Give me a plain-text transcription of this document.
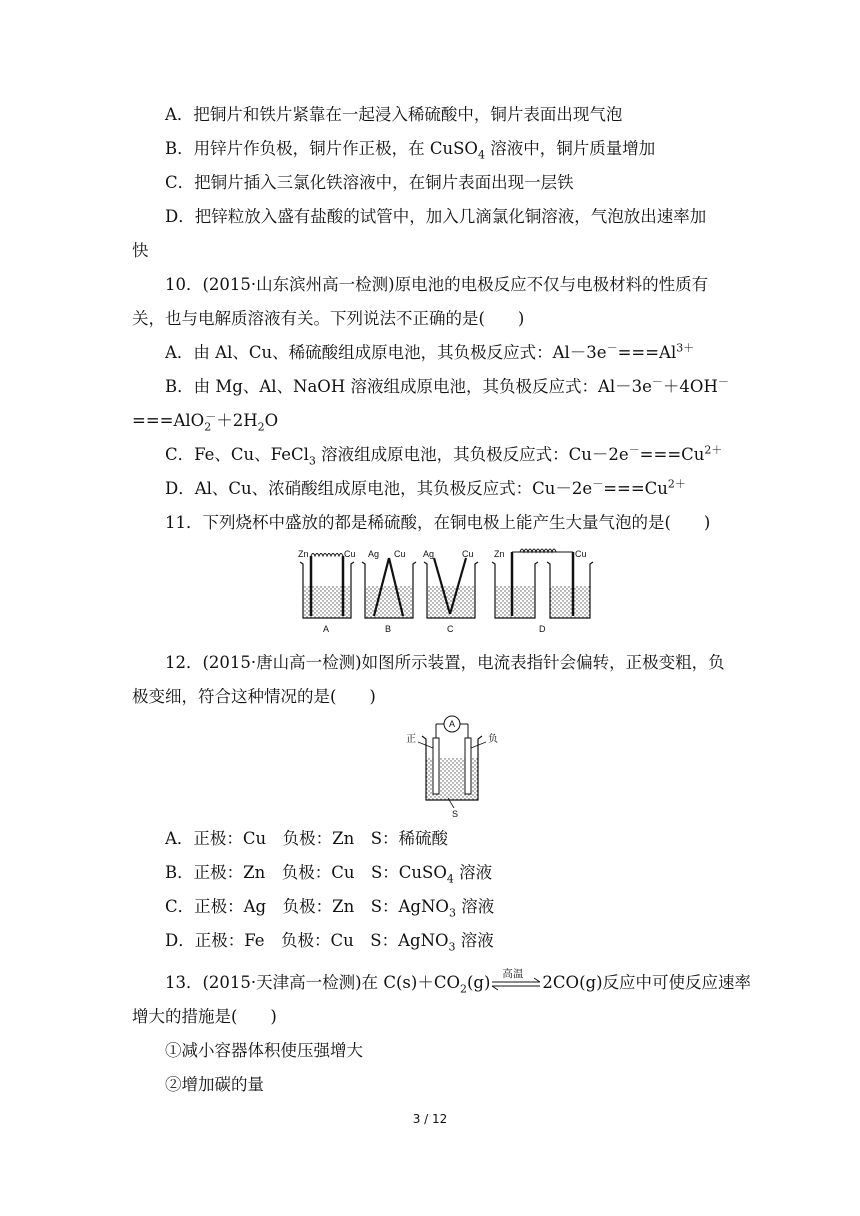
A．把铜片和铁片紧靠在一起浸入稀硫酸中，铜片表面出现气泡
B．用锌片作负极，铜片作正极，在 CuSO$_4$ 溶液中，铜片质量增加
C．把铜片插入三氯化铁溶液中，在铜片表面出现一层铁
D．把锌粒放入盛有盐酸的试管中，加入几滴氯化铜溶液，气泡放出速率加
快
10．(2015·山东滨州高一检测)原电池的电极反应不仅与电极材料的性质有
关，也与电解质溶液有关。下列说法不正确的是(　　)
A．由 Al、Cu、稀硫酸组成原电池，其负极反应式：$Al-3e^-===Al^{3+}$
B．由 Mg、Al、NaOH 溶液组成原电池，其负极反应式：Al－3e－＋4OH－
$===AlO_2^-+2H_2O$
C．Fe、Cu、FeCl$_3$ 溶液组成原电池，其负极反应式：$Cu-2e^-===Cu^{2+}$
D．Al、Cu、浓硝酸组成原电池，其负极反应式：$Cu-2e^-===Cu^{2+}$
11．下列烧杯中盛放的都是稀硫酸，在铜电极上能产生大量气泡的是(　　)
Zn	Cu
A
Ag Cu
B
Ag	Cu
C
Zn	Cu
D
12．(2015·唐山高一检测)如图所示装置，电流表指针会偏转，正极变粗，负
极变细，符合这种情况的是(　　)
A
正	负
S
A．正极：Cu　负极：Zn　S：稀硫酸
B．正极：Zn　负极：Cu　S：CuSO$_4$ 溶液
C．正极：Ag　负极：Zn　S：AgNO$_3$ 溶液
D．正极：Fe　负极：Cu　S：AgNO$_3$ 溶液
13．(2015·天津高一检测)在 $C(s)+CO_2(g)$ 高温 2CO(g)反应中可使反应速率
增大的措施是(　　)
①减小容器体积使压强增大
②增加碳的量
3 / 12
